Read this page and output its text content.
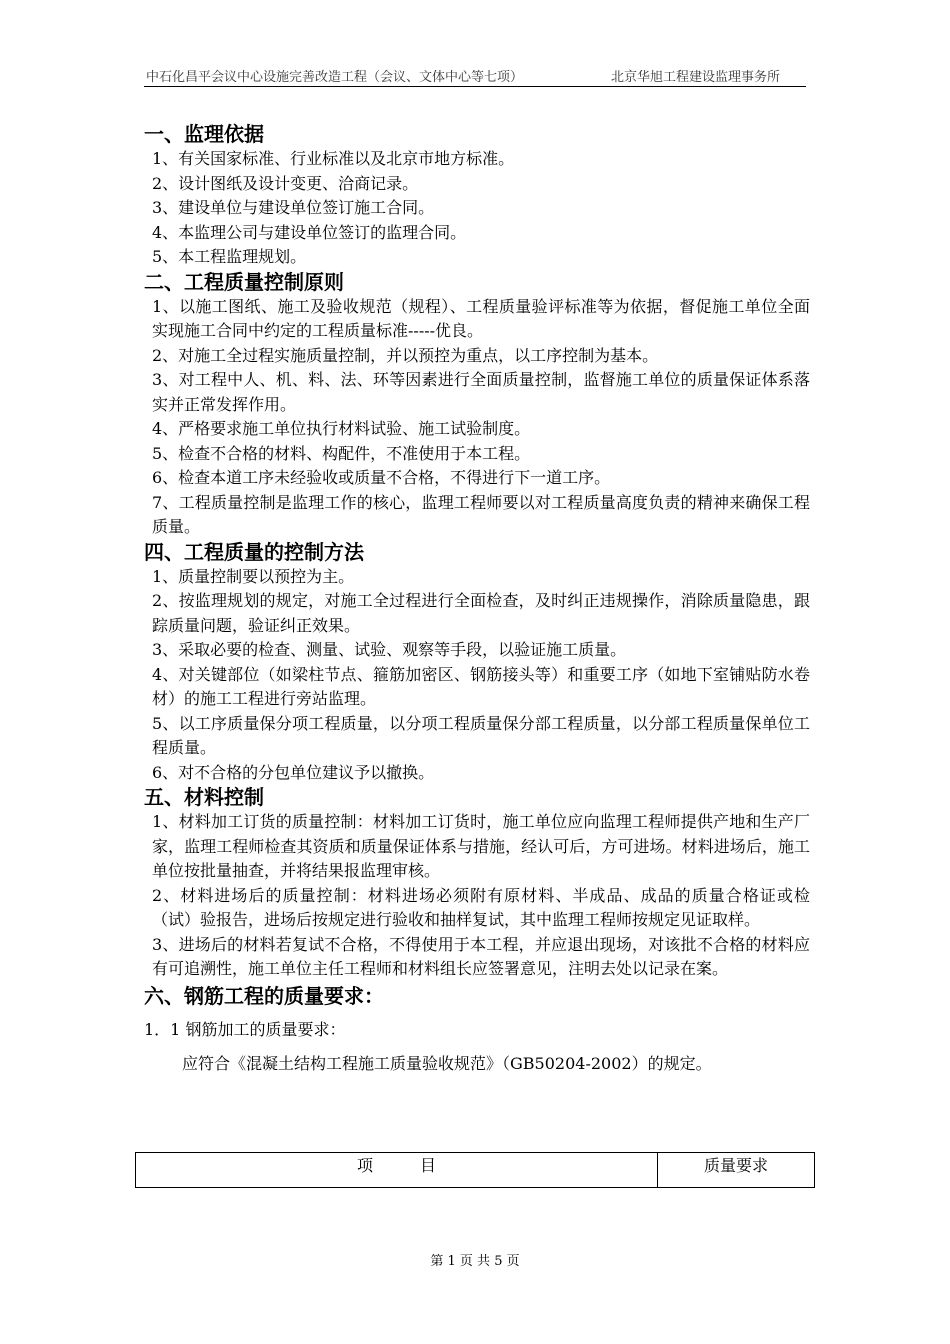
中石化昌平会议中心设施完善改造工程（会议、文体中心等七项）	北京华旭工程建设监理事务所
一、监理依据
1、有关国家标准、行业标准以及北京市地方标准。
2、设计图纸及设计变更、洽商记录。
3、建设单位与建设单位签订施工合同。
4、本监理公司与建设单位签订的监理合同。
5、本工程监理规划。
二、工程质量控制原则
1、以施工图纸、施工及验收规范（规程）、工程质量验评标准等为依据，督促施工单位全面实现施工合同中约定的工程质量标准-----优良。
2、对施工全过程实施质量控制，并以预控为重点，以工序控制为基本。
3、对工程中人、机、料、法、环等因素进行全面质量控制，监督施工单位的质量保证体系落实并正常发挥作用。
4、严格要求施工单位执行材料试验、施工试验制度。
5、检查不合格的材料、构配件，不准使用于本工程。
6、检查本道工序未经验收或质量不合格，不得进行下一道工序。
7、工程质量控制是监理工作的核心，监理工程师要以对工程质量高度负责的精神来确保工程质量。
四、工程质量的控制方法
1、质量控制要以预控为主。
2、按监理规划的规定，对施工全过程进行全面检查，及时纠正违规操作，消除质量隐患，跟踪质量问题，验证纠正效果。
3、采取必要的检查、测量、试验、观察等手段，以验证施工质量。
4、对关键部位（如梁柱节点、箍筋加密区、钢筋接头等）和重要工序（如地下室铺贴防水卷材）的施工工程进行旁站监理。
5、以工序质量保分项工程质量，以分项工程质量保分部工程质量，以分部工程质量保单位工程质量。
6、对不合格的分包单位建议予以撤换。
五、材料控制
1、材料加工订货的质量控制：材料加工订货时，施工单位应向监理工程师提供产地和生产厂家，监理工程师检查其资质和质量保证体系与措施，经认可后，方可进场。材料进场后，施工单位按批量抽查，并将结果报监理审核。
2、材料进场后的质量控制：材料进场必须附有原材料、半成品、成品的质量合格证或检（试）验报告，进场后按规定进行验收和抽样复试，其中监理工程师按规定见证取样。
3、进场后的材料若复试不合格，不得使用于本工程，并应退出现场，对该批不合格的材料应有可追溯性，施工单位主任工程师和材料组长应签署意见，注明去处以记录在案。
六、钢筋工程的质量要求：
1．1 钢筋加工的质量要求：
应符合《混凝土结构工程施工质量验收规范》（GB50204-2002）的规定。
项 目	质量要求
第 1 页 共 5 页
